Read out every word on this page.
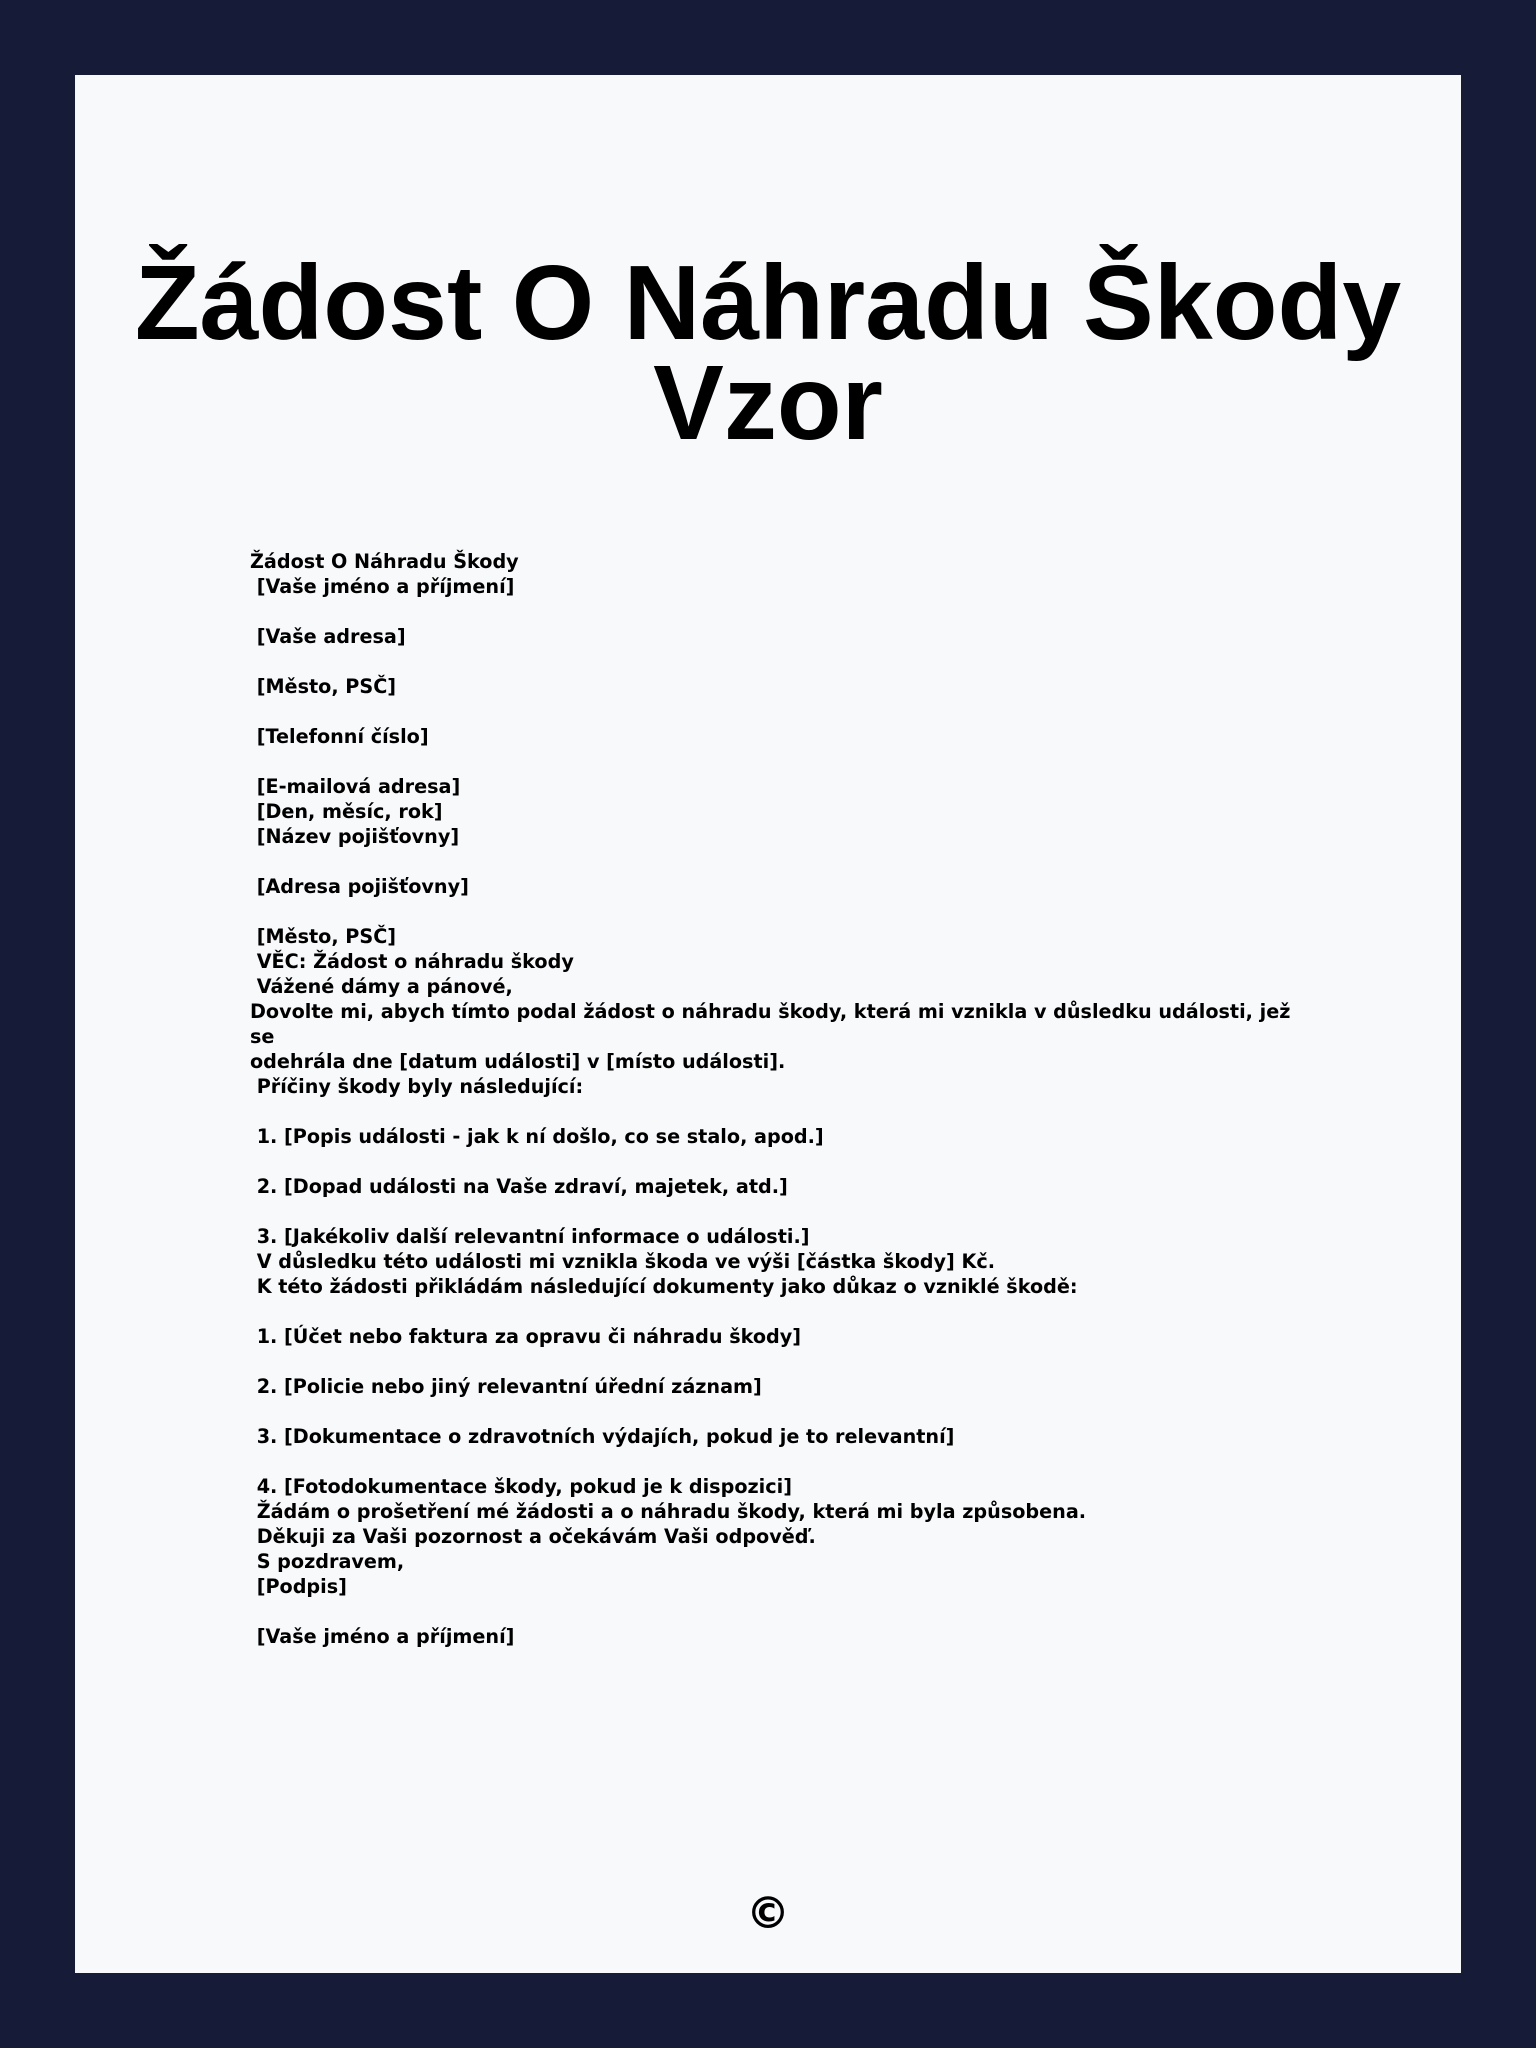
Žádost O Náhradu Škody
Vzor
Žádost O Náhradu Škody
[Vaše jméno a příjmení]

[Vaše adresa]

[Město, PSČ]

[Telefonní číslo]

[E-mailová adresa]
[Den, měsíc, rok]
[Název pojišťovny]

[Adresa pojišťovny]

[Město, PSČ]
VĚC: Žádost o náhradu škody
Vážené dámy a pánové,
Dovolte mi, abych tímto podal žádost o náhradu škody, která mi vznikla v důsledku události, jež se
odehrála dne [datum události] v [místo události].
Příčiny škody byly následující:

1. [Popis události - jak k ní došlo, co se stalo, apod.]

2. [Dopad události na Vaše zdraví, majetek, atd.]

3. [Jakékoliv další relevantní informace o události.]
V důsledku této události mi vznikla škoda ve výši [částka škody] Kč.
K této žádosti přikládám následující dokumenty jako důkaz o vzniklé škodě:

1. [Účet nebo faktura za opravu či náhradu škody]

2. [Policie nebo jiný relevantní úřední záznam]

3. [Dokumentace o zdravotních výdajích, pokud je to relevantní]

4. [Fotodokumentace škody, pokud je k dispozici]
Žádám o prošetření mé žádosti a o náhradu škody, která mi byla způsobena.
Děkuji za Vaši pozornost a očekávám Vaši odpověď.
S pozdravem,
[Podpis]

[Vaše jméno a příjmení]
©
